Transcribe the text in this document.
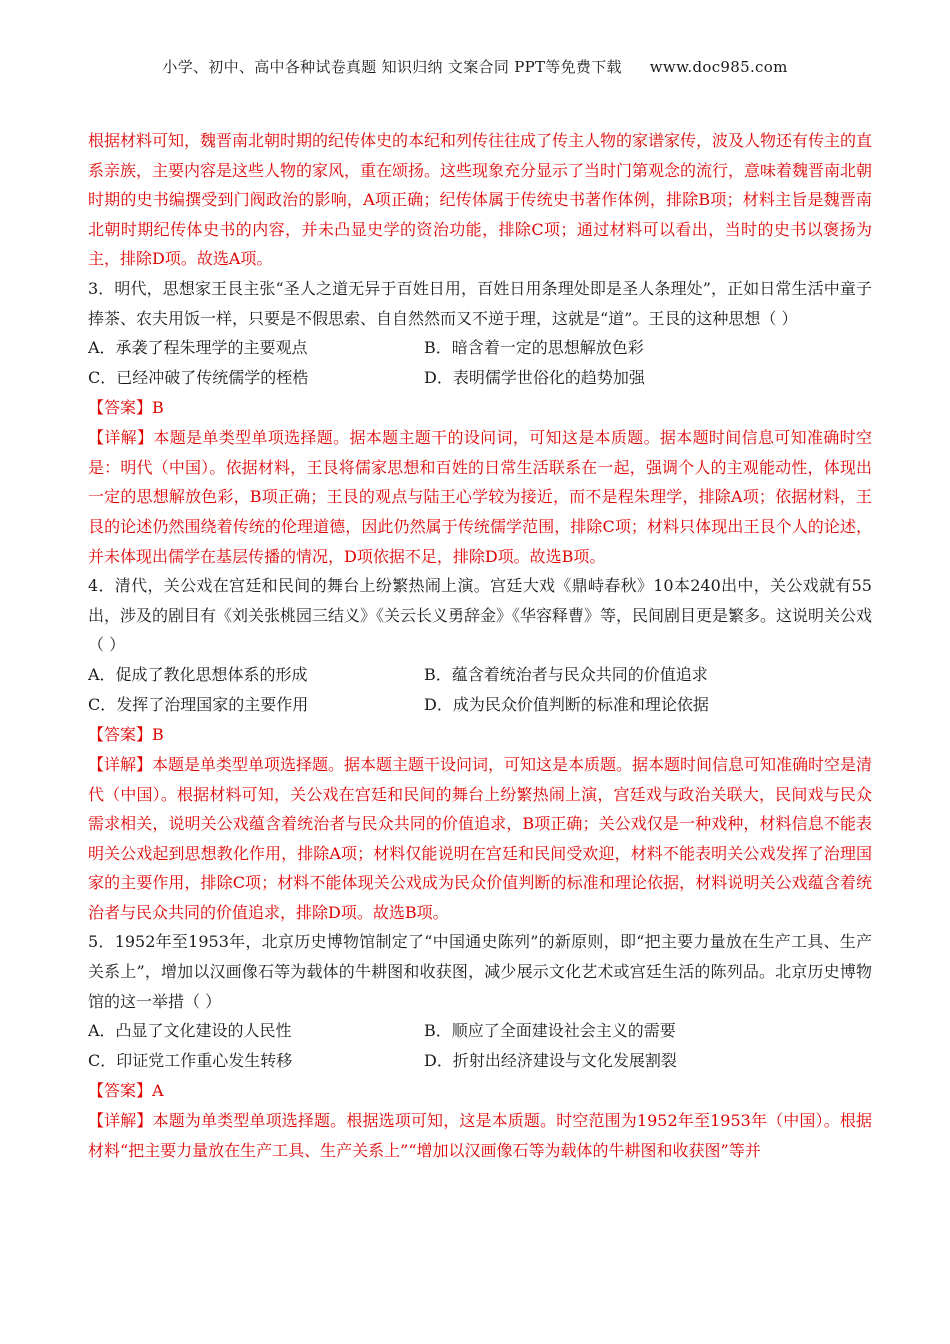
小学、初中、高中各种试卷真题 知识归纳 文案合同 PPT等免费下载 www.doc985.com

根据材料可知，魏晋南北朝时期的纪传体史的本纪和列传往往成了传主人物的家谱家传，波及人物还有传主的直系亲族，主要内容是这些人物的家风，重在颂扬。这些现象充分显示了当时门第观念的流行，意味着魏晋南北朝时期的史书编撰受到门阀政治的影响，A项正确；纪传体属于传统史书著作体例，排除B项；材料主旨是魏晋南北朝时期纪传体史书的内容，并未凸显史学的资治功能，排除C项；通过材料可以看出，当时的史书以褒扬为主，排除D项。故选A项。

3．明代，思想家王艮主张“圣人之道无异于百姓日用，百姓日用条理处即是圣人条理处”，正如日常生活中童子捧茶、农夫用饭一样，只要是不假思索、自自然然而又不逆于理，这就是“道”。王艮的这种思想（ ）

A．承袭了程朱理学的主要观点	B．暗含着一定的思想解放色彩
C．已经冲破了传统儒学的桎梏	D．表明儒学世俗化的趋势加强
【答案】B

【详解】本题是单类型单项选择题。据本题主题干的设问词，可知这是本质题。据本题时间信息可知准确时空是：明代（中国）。依据材料，王艮将儒家思想和百姓的日常生活联系在一起，强调个人的主观能动性，体现出一定的思想解放色彩，B项正确；王艮的观点与陆王心学较为接近，而不是程朱理学，排除A项；依据材料，王艮的论述仍然围绕着传统的伦理道德，因此仍然属于传统儒学范围，排除C项；材料只体现出王艮个人的论述，并未体现出儒学在基层传播的情况，D项依据不足，排除D项。故选B项。

4．清代，关公戏在宫廷和民间的舞台上纷繁热闹上演。宫廷大戏《鼎峙春秋》10本240出中，关公戏就有55出，涉及的剧目有《刘关张桃园三结义》《关云长义勇辞金》《华容释曹》等，民间剧目更是繁多。这说明关公戏（ ）

A．促成了教化思想体系的形成	B．蕴含着统治者与民众共同的价值追求
C．发挥了治理国家的主要作用	D．成为民众价值判断的标准和理论依据
【答案】B

【详解】本题是单类型单项选择题。据本题主题干设问词，可知这是本质题。据本题时间信息可知准确时空是清代（中国）。根据材料可知，关公戏在宫廷和民间的舞台上纷繁热闹上演，宫廷戏与政治关联大，民间戏与民众需求相关，说明关公戏蕴含着统治者与民众共同的价值追求，B项正确；关公戏仅是一种戏种，材料信息不能表明关公戏起到思想教化作用，排除A项；材料仅能说明在宫廷和民间受欢迎，材料不能表明关公戏发挥了治理国家的主要作用，排除C项；材料不能体现关公戏成为民众价值判断的标准和理论依据，材料说明关公戏蕴含着统治者与民众共同的价值追求，排除D项。故选B项。

5．1952年至1953年，北京历史博物馆制定了“中国通史陈列”的新原则，即“把主要力量放在生产工具、生产关系上”，增加以汉画像石等为载体的牛耕图和收获图，减少展示文化艺术或宫廷生活的陈列品。北京历史博物馆的这一举措（ ）

A．凸显了文化建设的人民性	B．顺应了全面建设社会主义的需要
C．印证党工作重心发生转移	D．折射出经济建设与文化发展割裂
【答案】A

【详解】本题为单类型单项选择题。根据选项可知，这是本质题。时空范围为1952年至1953年（中国）。根据材料“把主要力量放在生产工具、生产关系上”“增加以汉画像石等为载体的牛耕图和收获图”等并
